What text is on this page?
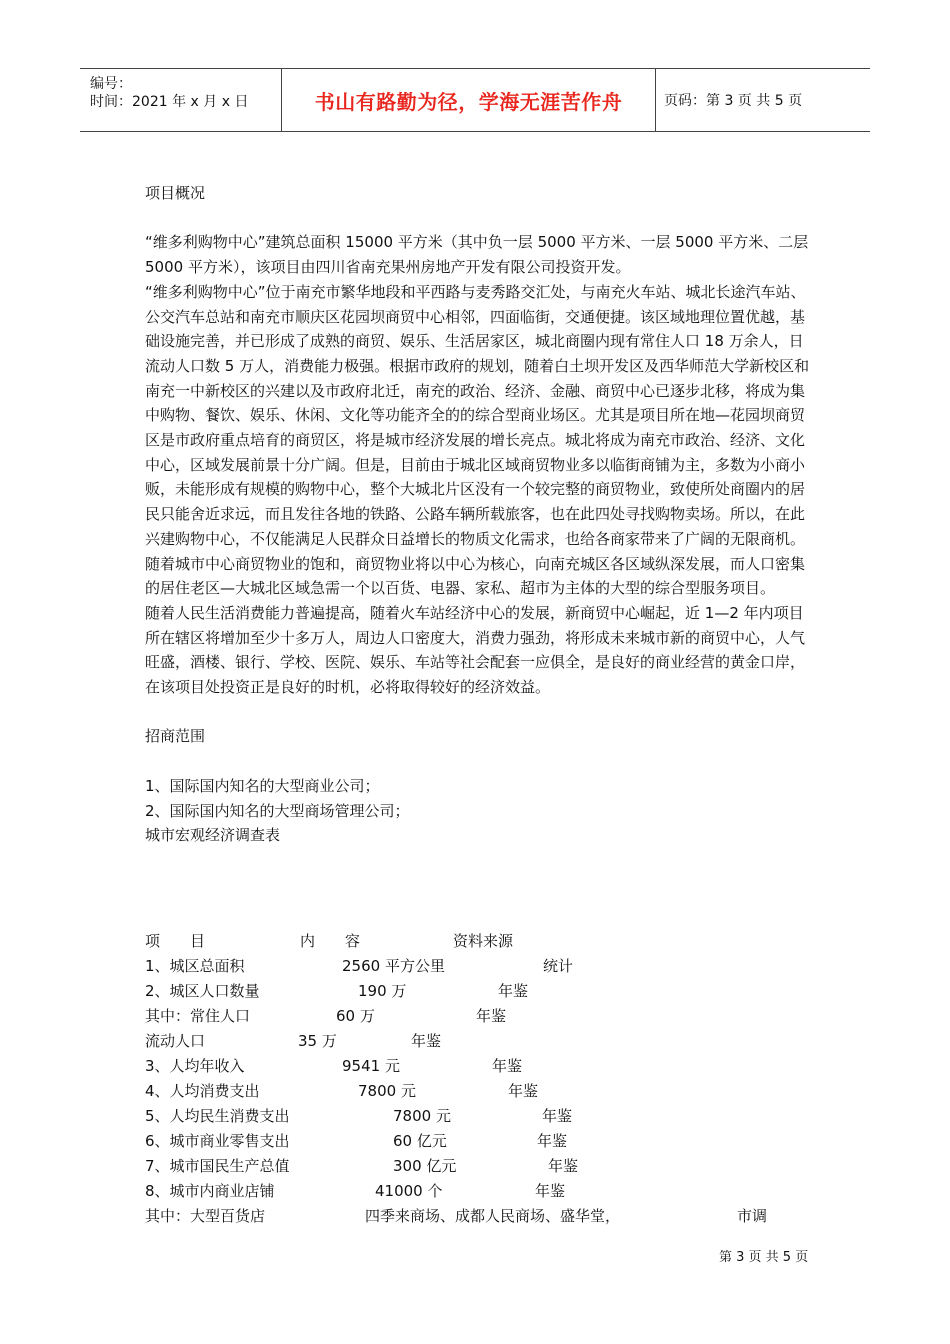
编号：
时间：2021 年 x 月 x 日	书山有路勤为径，学海无涯苦作舟	页码：第 3 页 共 5 页

项目概况

“维多利购物中心”建筑总面积 15000 平方米（其中负一层 5000 平方米、一层 5000 平方米、二层 5000 平方米），该项目由四川省南充果州房地产开发有限公司投资开发。

“维多利购物中心”位于南充市繁华地段和平西路与麦秀路交汇处，与南充火车站、城北长途汽车站、公交汽车总站和南充市顺庆区花园坝商贸中心相邻，四面临街，交通便捷。该区域地理位置优越，基础设施完善，并已形成了成熟的商贸、娱乐、生活居家区，城北商圈内现有常住人口 18 万余人，日流动人口数 5 万人，消费能力极强。根据市政府的规划，随着白土坝开发区及西华师范大学新校区和南充一中新校区的兴建以及市政府北迁，南充的政治、经济、金融、商贸中心已逐步北移，将成为集中购物、餐饮、娱乐、休闲、文化等功能齐全的的综合型商业场区。尤其是项目所在地—花园坝商贸区是市政府重点培育的商贸区，将是城市经济发展的增长亮点。城北将成为南充市政治、经济、文化中心，区域发展前景十分广阔。但是，目前由于城北区域商贸物业多以临街商铺为主，多数为小商小贩，未能形成有规模的购物中心，整个大城北片区没有一个较完整的商贸物业，致使所处商圈内的居民只能舍近求远，而且发往各地的铁路、公路车辆所载旅客，也在此四处寻找购物卖场。所以，在此兴建购物中心，不仅能满足人民群众日益增长的物质文化需求，也给各商家带来了广阔的无限商机。随着城市中心商贸物业的饱和，商贸物业将以中心为核心，向南充城区各区域纵深发展，而人口密集的居住老区—大城北区域急需一个以百货、电器、家私、超市为主体的大型的综合型服务项目。

随着人民生活消费能力普遍提高，随着火车站经济中心的发展，新商贸中心崛起，近 1—2 年内项目所在辖区将增加至少十多万人，周边人口密度大，消费力强劲，将形成未来城市新的商贸中心，人气旺盛，酒楼、银行、学校、医院、娱乐、车站等社会配套一应俱全，是良好的商业经营的黄金口岸，在该项目处投资正是良好的时机，必将取得较好的经济效益。

招商范围

1、国际国内知名的大型商业公司；

2、国际国内知名的大型商场管理公司；

城市宏观经济调查表

项　　目	内　　容	资料来源
1、城区总面积	2560 平方公里	统计
2、城区人口数量	190 万	年鉴
其中：常住人口	60 万	年鉴
流动人口	35 万	年鉴
3、人均年收入	9541 元	年鉴
4、人均消费支出	7800 元	年鉴
5、人均民生消费支出	7800 元	年鉴
6、城市商业零售支出	60 亿元	年鉴
7、城市国民生产总值	300 亿元	年鉴
8、城市内商业店铺	41000 个	年鉴
其中：大型百货店	四季来商场、成都人民商场、盛华堂，	市调
第 3 页 共 5 页
